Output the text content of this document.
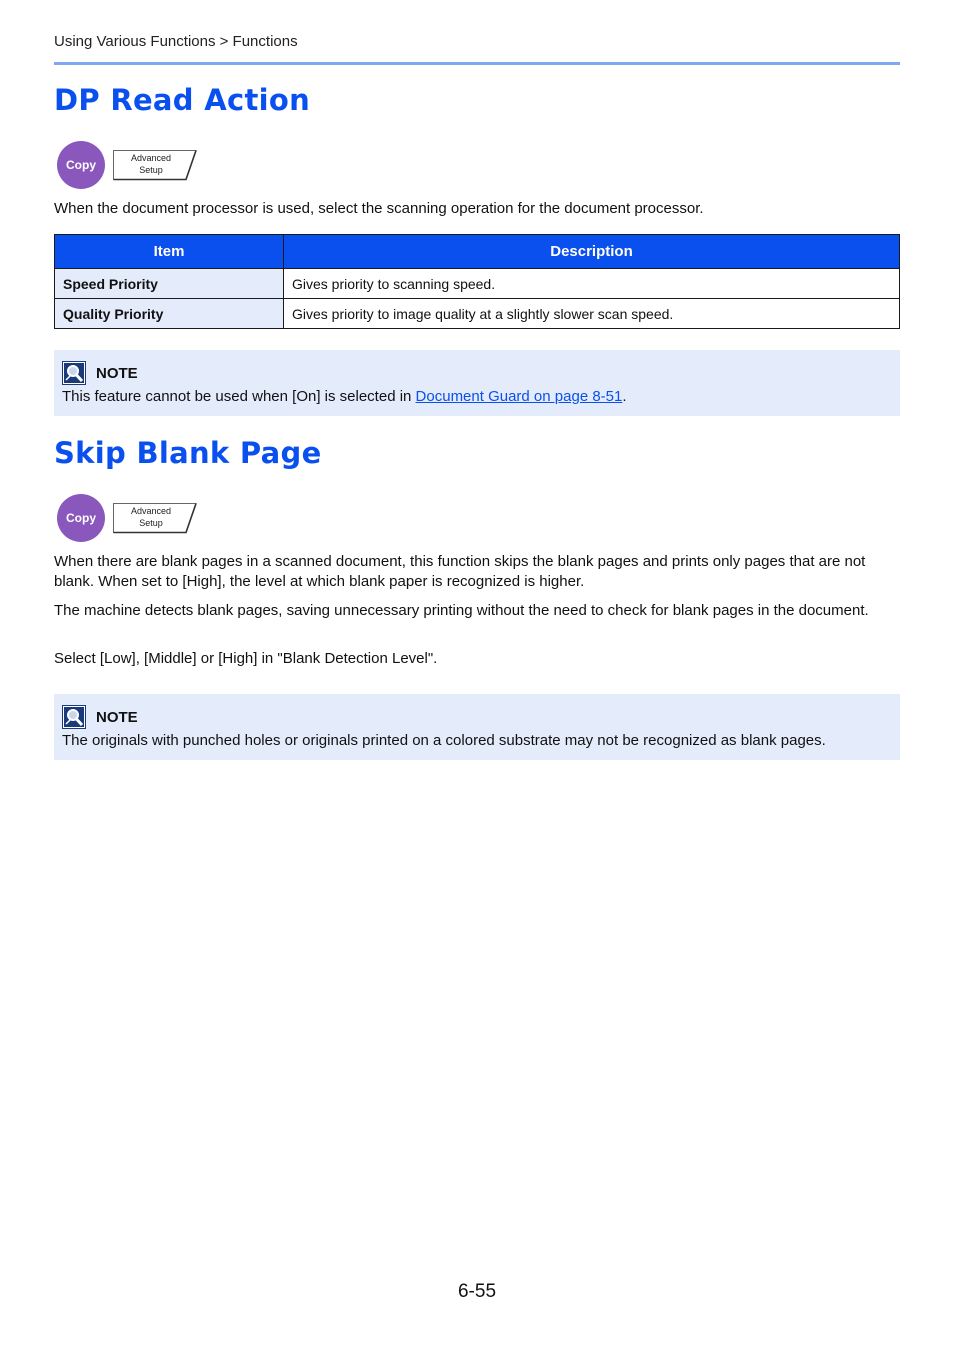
Using Various Functions > Functions
DP Read Action
Copy	Advanced
Setup

When the document processor is used, select the scanning operation for the document processor.

Item	Description
Speed Priority	Gives priority to scanning speed.
Quality Priority	Gives priority to image quality at a slightly slower scan speed.
NOTE
This feature cannot be used when [On] is selected in Document Guard on page 8-51.
Skip Blank Page
Copy	Advanced
Setup

When there are blank pages in a scanned document, this function skips the blank pages and prints only pages that are not blank. When set to [High], the level at which blank paper is recognized is higher.

The machine detects blank pages, saving unnecessary printing without the need to check for blank pages in the document.

Select [Low], [Middle] or [High] in "Blank Detection Level".

NOTE
The originals with punched holes or originals printed on a colored substrate may not be recognized as blank pages.
6-55
